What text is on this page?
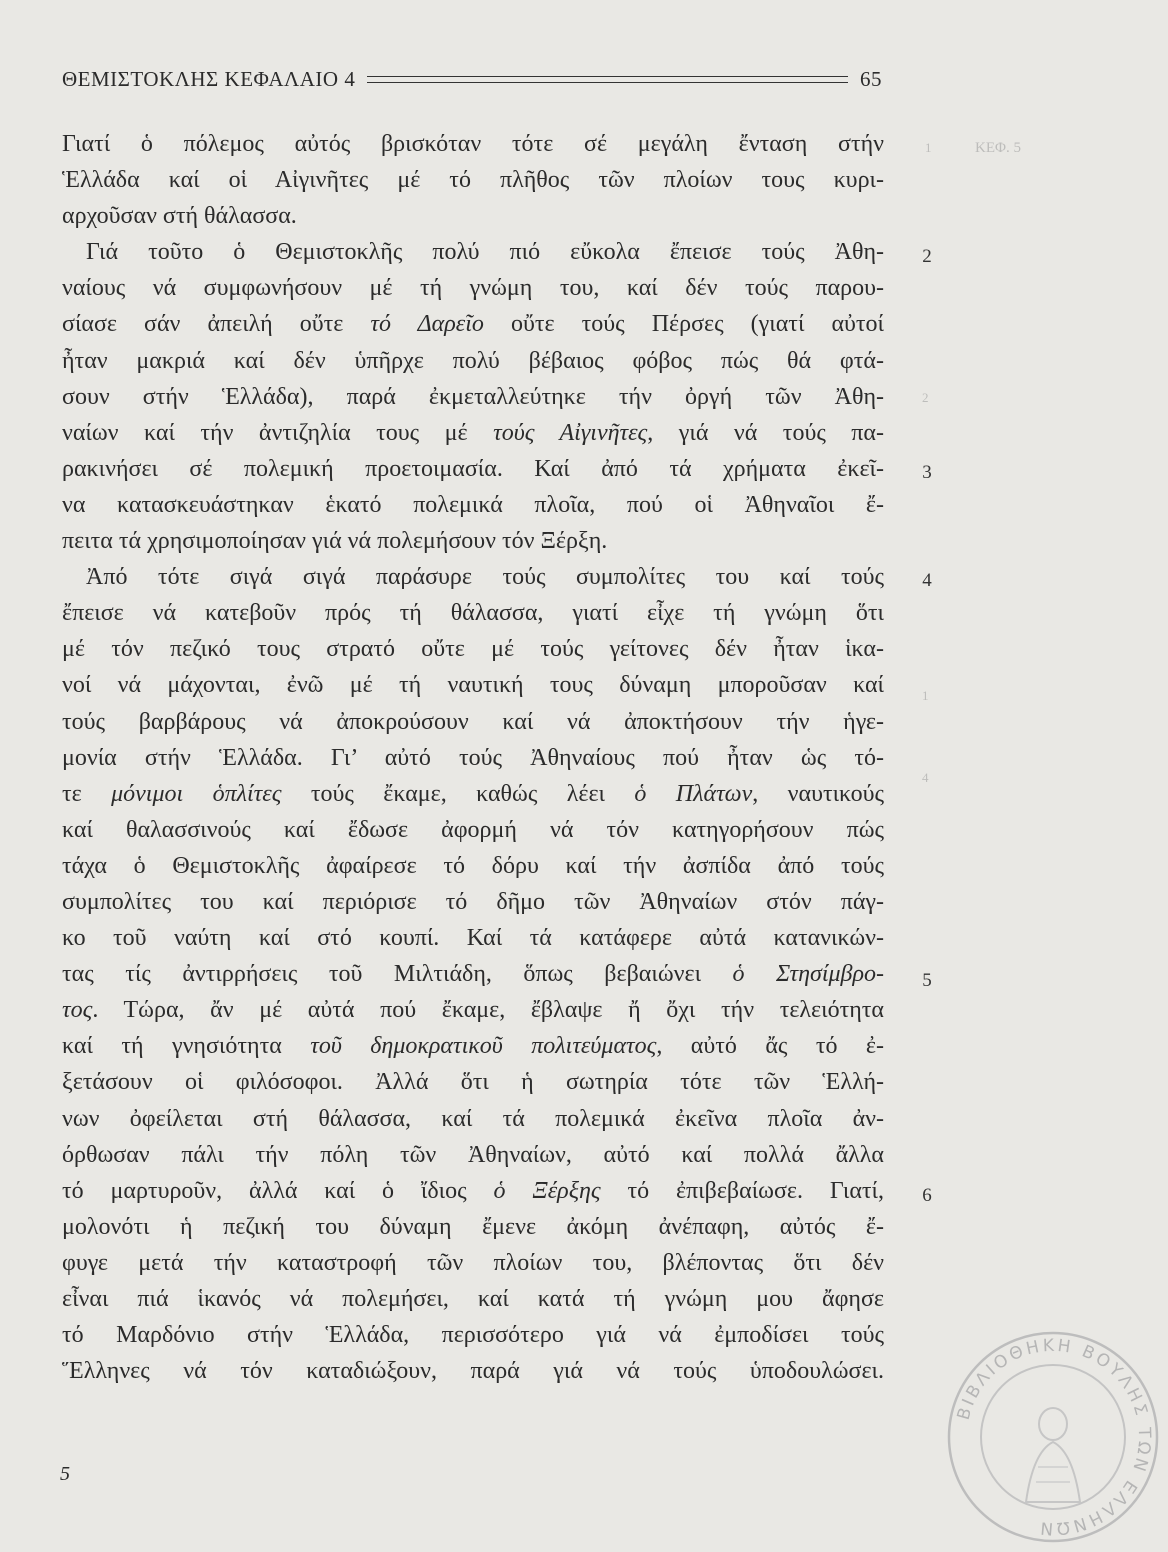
ΘΕΜΙΣΤΟΚΛΗΣ ΚΕΦΑΛΑΙΟ 4	65
Γιατί ὁ πόλεμος αὐτός βρισκόταν τότε σέ μεγάλη ἔνταση στήν
Ἑλλάδα καί οἱ Αἰγινῆτες μέ τό πλῆθος τῶν πλοίων τους κυρι-
αρχοῦσαν στή θάλασσα.
Γιά τοῦτο ὁ Θεμιστοκλῆς πολύ πιό εὔκολα ἔπεισε τούς Ἀθη-
ναίους νά συμφωνήσουν μέ τή γνώμη του, καί δέν τούς παρου-
σίασε σάν ἀπειλή οὔτε τό Δαρεῖο οὔτε τούς Πέρσες (γιατί αὐτοί
ἦταν μακριά καί δέν ὑπῆρχε πολύ βέβαιος φόβος πώς θά φτά-
σουν στήν Ἑλλάδα), παρά ἐκμεταλλεύτηκε τήν ὀργή τῶν Ἀθη-
ναίων καί τήν ἀντιζηλία τους μέ τούς Αἰγινῆτες, γιά νά τούς πα-
ρακινήσει σέ πολεμική προετοιμασία. Καί ἀπό τά χρήματα ἐκεῖ-
να κατασκευάστηκαν ἑκατό πολεμικά πλοῖα, πού οἱ Ἀθηναῖοι ἔ-
πειτα τά χρησιμοποίησαν γιά νά πολεμήσουν τόν Ξέρξη.
Ἀπό τότε σιγά σιγά παράσυρε τούς συμπολίτες του καί τούς
ἔπεισε νά κατεβοῦν πρός τή θάλασσα, γιατί εἶχε τή γνώμη ὅτι
μέ τόν πεζικό τους στρατό οὔτε μέ τούς γείτονες δέν ἦταν ἱκα-
νοί νά μάχονται, ἐνῶ μέ τή ναυτική τους δύναμη μποροῦσαν καί
τούς βαρβάρους νά ἀποκρούσουν καί νά ἀποκτήσουν τήν ἡγε-
μονία στήν Ἑλλάδα. Γι’ αὐτό τούς Ἀθηναίους πού ἦταν ὡς τό-
τε μόνιμοι ὁπλίτες τούς ἔκαμε, καθώς λέει ὁ Πλάτων, ναυτικούς
καί θαλασσινούς καί ἔδωσε ἀφορμή νά τόν κατηγορήσουν πώς
τάχα ὁ Θεμιστοκλῆς ἀφαίρεσε τό δόρυ καί τήν ἀσπίδα ἀπό τούς
συμπολίτες του καί περιόρισε τό δῆμο τῶν Ἀθηναίων στόν πάγ-
κο τοῦ ναύτη καί στό κουπί. Καί τά κατάφερε αὐτά κατανικών-
τας τίς ἀντιρρήσεις τοῦ Μιλτιάδη, ὅπως βεβαιώνει ὁ Στησίμβρο-
τος. Τώρα, ἄν μέ αὐτά πού ἔκαμε, ἔβλαψε ἤ ὄχι τήν τελειότητα
καί τή γνησιότητα τοῦ δημοκρατικοῦ πολιτεύματος, αὐτό ἄς τό ἐ-
ξετάσουν οἱ φιλόσοφοι. Ἀλλά ὅτι ἡ σωτηρία τότε τῶν Ἑλλή-
νων ὀφείλεται στή θάλασσα, καί τά πολεμικά ἐκεῖνα πλοῖα ἀν-
όρθωσαν πάλι τήν πόλη τῶν Ἀθηναίων, αὐτό καί πολλά ἄλλα
τό μαρτυροῦν, ἀλλά καί ὁ ἴδιος ὁ Ξέρξης τό ἐπιβεβαίωσε. Γιατί,
μολονότι ἡ πεζική του δύναμη ἔμενε ἀκόμη ἀνέπαφη, αὐτός ἔ-
φυγε μετά τήν καταστροφή τῶν πλοίων του, βλέποντας ὅτι δέν
εἶναι πιά ἱκανός νά πολεμήσει, καί κατά τή γνώμη μου ἄφησε
τό Μαρδόνιο στήν Ἑλλάδα, περισσότερο γιά νά ἐμποδίσει τούς
Ἕλληνες νά τόν καταδιώξουν, παρά γιά νά τούς ὑποδουλώσει.
2
3
4
5
6
ΚΕΦ. 5
1
2
1
4
5
ΒΙΒΛΙΟΘΗΚΗ ΒΟΥΛΗΣ ΤΩΝ ΕΛΛΗΝΩΝ
